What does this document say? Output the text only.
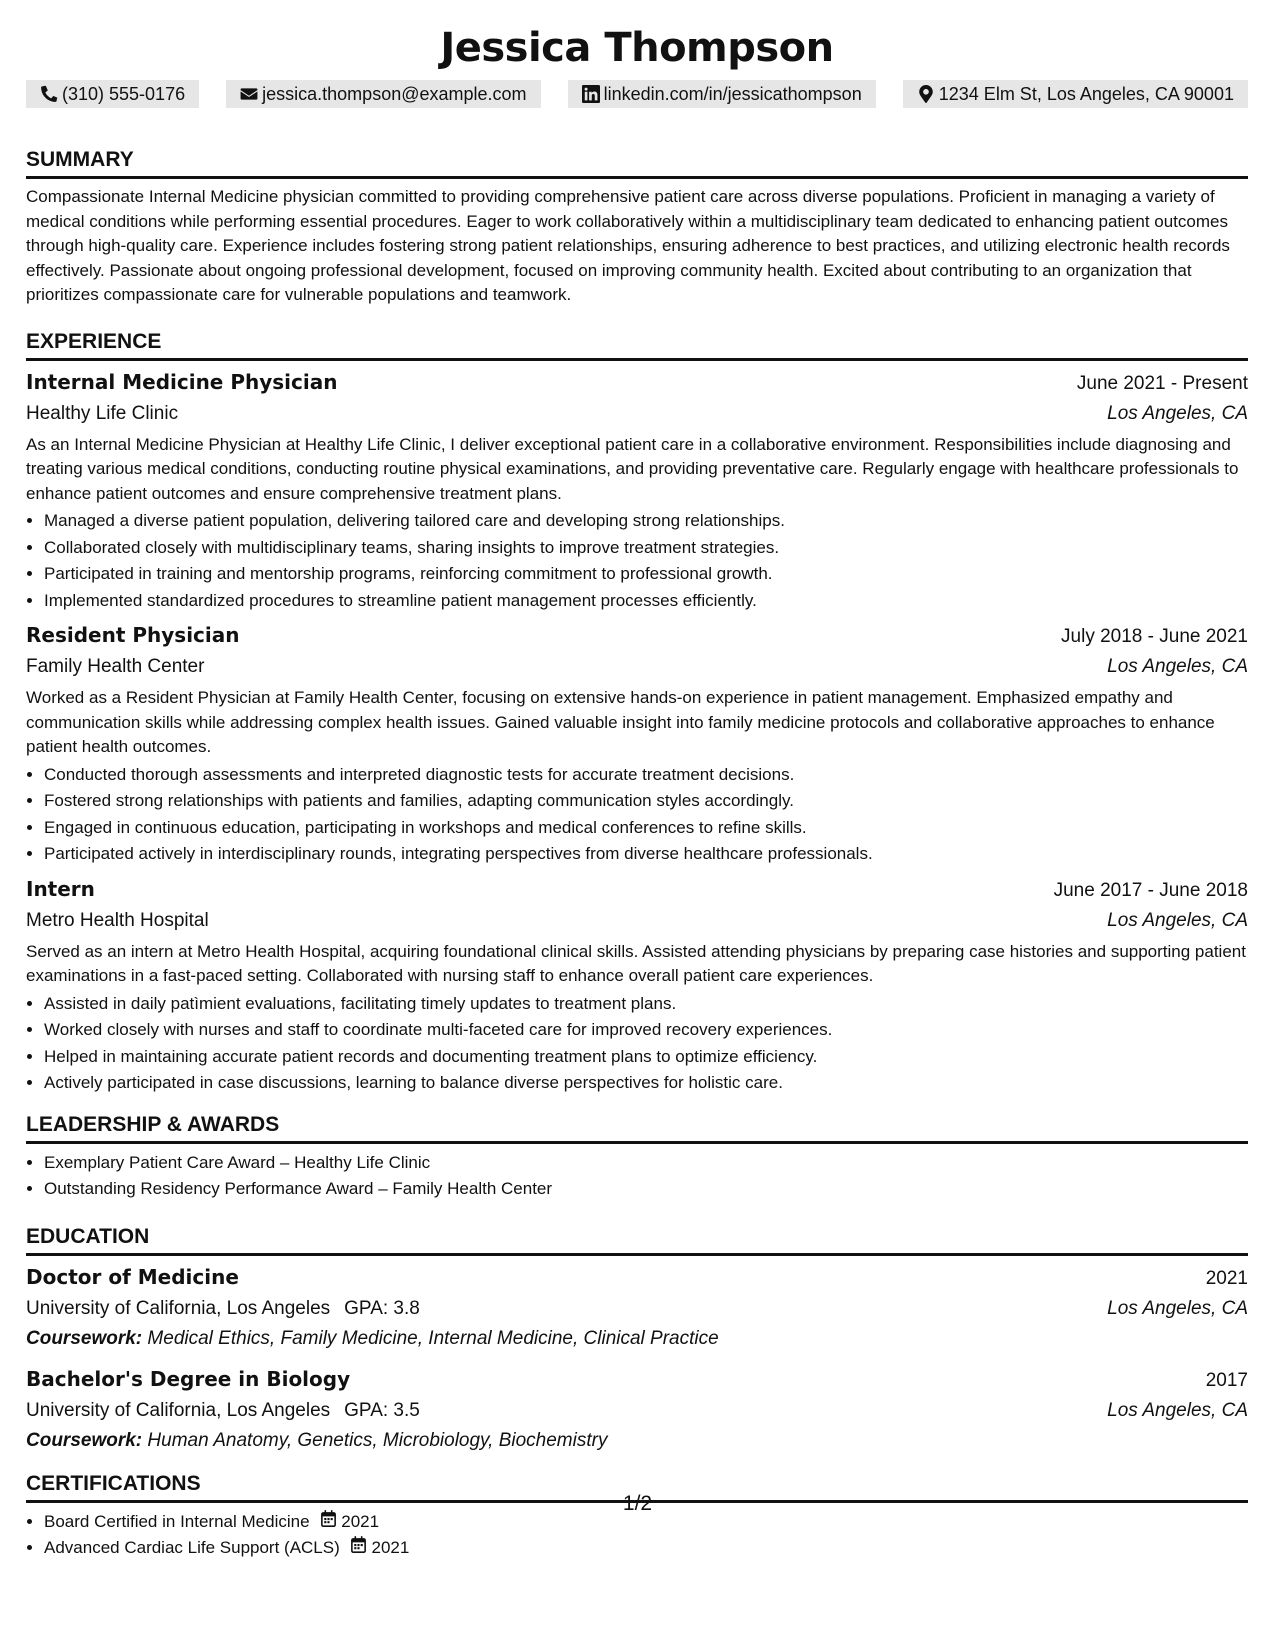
Jessica Thompson
(310) 555-0176	jessica.thompson@example.com	linkedin.com/in/jessicathompson	1234 Elm St, Los Angeles, CA 90001
SUMMARY

Compassionate Internal Medicine physician committed to providing comprehensive patient care across diverse populations. Proficient in managing a variety of medical conditions while performing essential procedures. Eager to work collaboratively within a multidisciplinary team dedicated to enhancing patient outcomes through high-quality care. Experience includes fostering strong patient relationships, ensuring adherence to best practices, and utilizing electronic health records effectively. Passionate about ongoing professional development, focused on improving community health. Excited about contributing to an organization that prioritizes compassionate care for vulnerable populations and teamwork.

EXPERIENCE
Internal Medicine Physician	June 2021 - Present
Healthy Life Clinic	Los Angeles, CA

As an Internal Medicine Physician at Healthy Life Clinic, I deliver exceptional patient care in a collaborative environment. Responsibilities include diagnosing and treating various medical conditions, conducting routine physical examinations, and providing preventative care. Regularly engage with healthcare professionals to enhance patient outcomes and ensure comprehensive treatment plans.

• Managed a diverse patient population, delivering tailored care and developing strong relationships.
• Collaborated closely with multidisciplinary teams, sharing insights to improve treatment strategies.
• Participated in training and mentorship programs, reinforcing commitment to professional growth.
• Implemented standardized procedures to streamline patient management processes efficiently.
Resident Physician	July 2018 - June 2021
Family Health Center	Los Angeles, CA

Worked as a Resident Physician at Family Health Center, focusing on extensive hands-on experience in patient management. Emphasized empathy and communication skills while addressing complex health issues. Gained valuable insight into family medicine protocols and collaborative approaches to enhance patient health outcomes.

• Conducted thorough assessments and interpreted diagnostic tests for accurate treatment decisions.
• Fostered strong relationships with patients and families, adapting communication styles accordingly.
• Engaged in continuous education, participating in workshops and medical conferences to refine skills.
• Participated actively in interdisciplinary rounds, integrating perspectives from diverse healthcare professionals.
Intern	June 2017 - June 2018
Metro Health Hospital	Los Angeles, CA

Served as an intern at Metro Health Hospital, acquiring foundational clinical skills. Assisted attending physicians by preparing case histories and supporting patient examinations in a fast-paced setting. Collaborated with nursing staff to enhance overall patient care experiences.

• Assisted in daily patìmient evaluations, facilitating timely updates to treatment plans.
• Worked closely with nurses and staff to coordinate multi-faceted care for improved recovery experiences.
• Helped in maintaining accurate patient records and documenting treatment plans to optimize efficiency.
• Actively participated in case discussions, learning to balance diverse perspectives for holistic care.
LEADERSHIP & AWARDS
• Exemplary Patient Care Award – Healthy Life Clinic
• Outstanding Residency Performance Award – Family Health Center
EDUCATION
Doctor of Medicine	2021
University of California, Los Angeles GPA: 3.8	Los Angeles, CA
Coursework: Medical Ethics, Family Medicine, Internal Medicine, Clinical Practice
Bachelor's Degree in Biology	2017
University of California, Los Angeles GPA: 3.5	Los Angeles, CA
Coursework: Human Anatomy, Genetics, Microbiology, Biochemistry
CERTIFICATIONS
• Board Certified in Internal Medicine 2021
• Advanced Cardiac Life Support (ACLS) 2021
1/2
